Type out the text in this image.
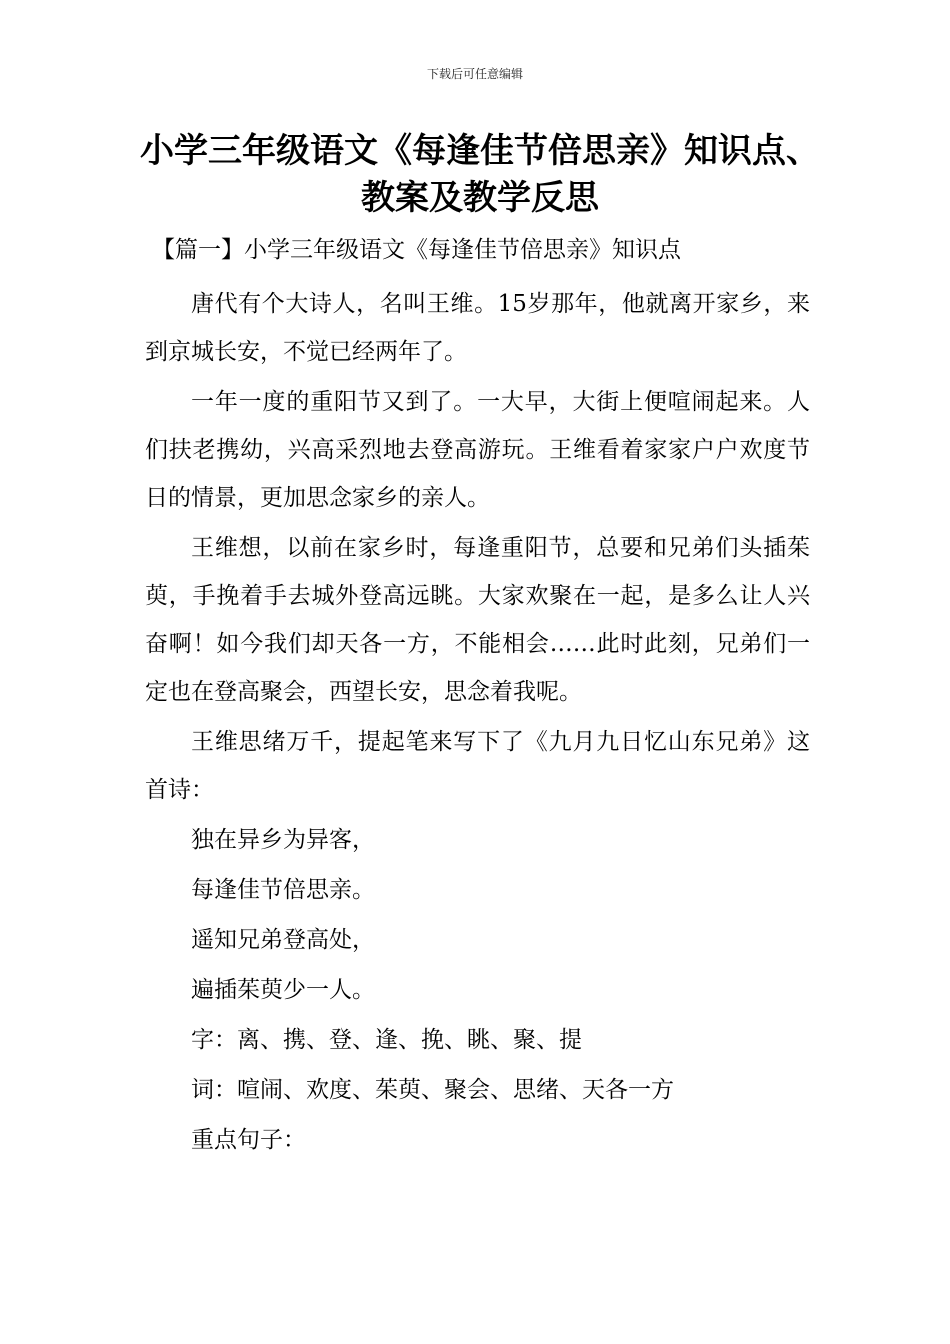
下载后可任意编辑
小学三年级语文《每逢佳节倍思亲》知识点、教案及教学反思
【篇一】小学三年级语文《每逢佳节倍思亲》知识点

唐代有个大诗人，名叫王维。15岁那年，他就离开家乡，来到京城长安，不觉已经两年了。

一年一度的重阳节又到了。一大早，大街上便喧闹起来。人们扶老携幼，兴高采烈地去登高游玩。王维看着家家户户欢度节日的情景，更加思念家乡的亲人。

王维想，以前在家乡时，每逢重阳节，总要和兄弟们头插茱萸，手挽着手去城外登高远眺。大家欢聚在一起，是多么让人兴奋啊！如今我们却天各一方，不能相会……此时此刻，兄弟们一定也在登高聚会，西望长安，思念着我呢。

王维思绪万千，提起笔来写下了《九月九日忆山东兄弟》这首诗：

独在异乡为异客，
每逢佳节倍思亲。
遥知兄弟登高处，
遍插茱萸少一人。
字：离、携、登、逢、挽、眺、聚、提
词：喧闹、欢度、茱萸、聚会、思绪、天各一方
重点句子：
